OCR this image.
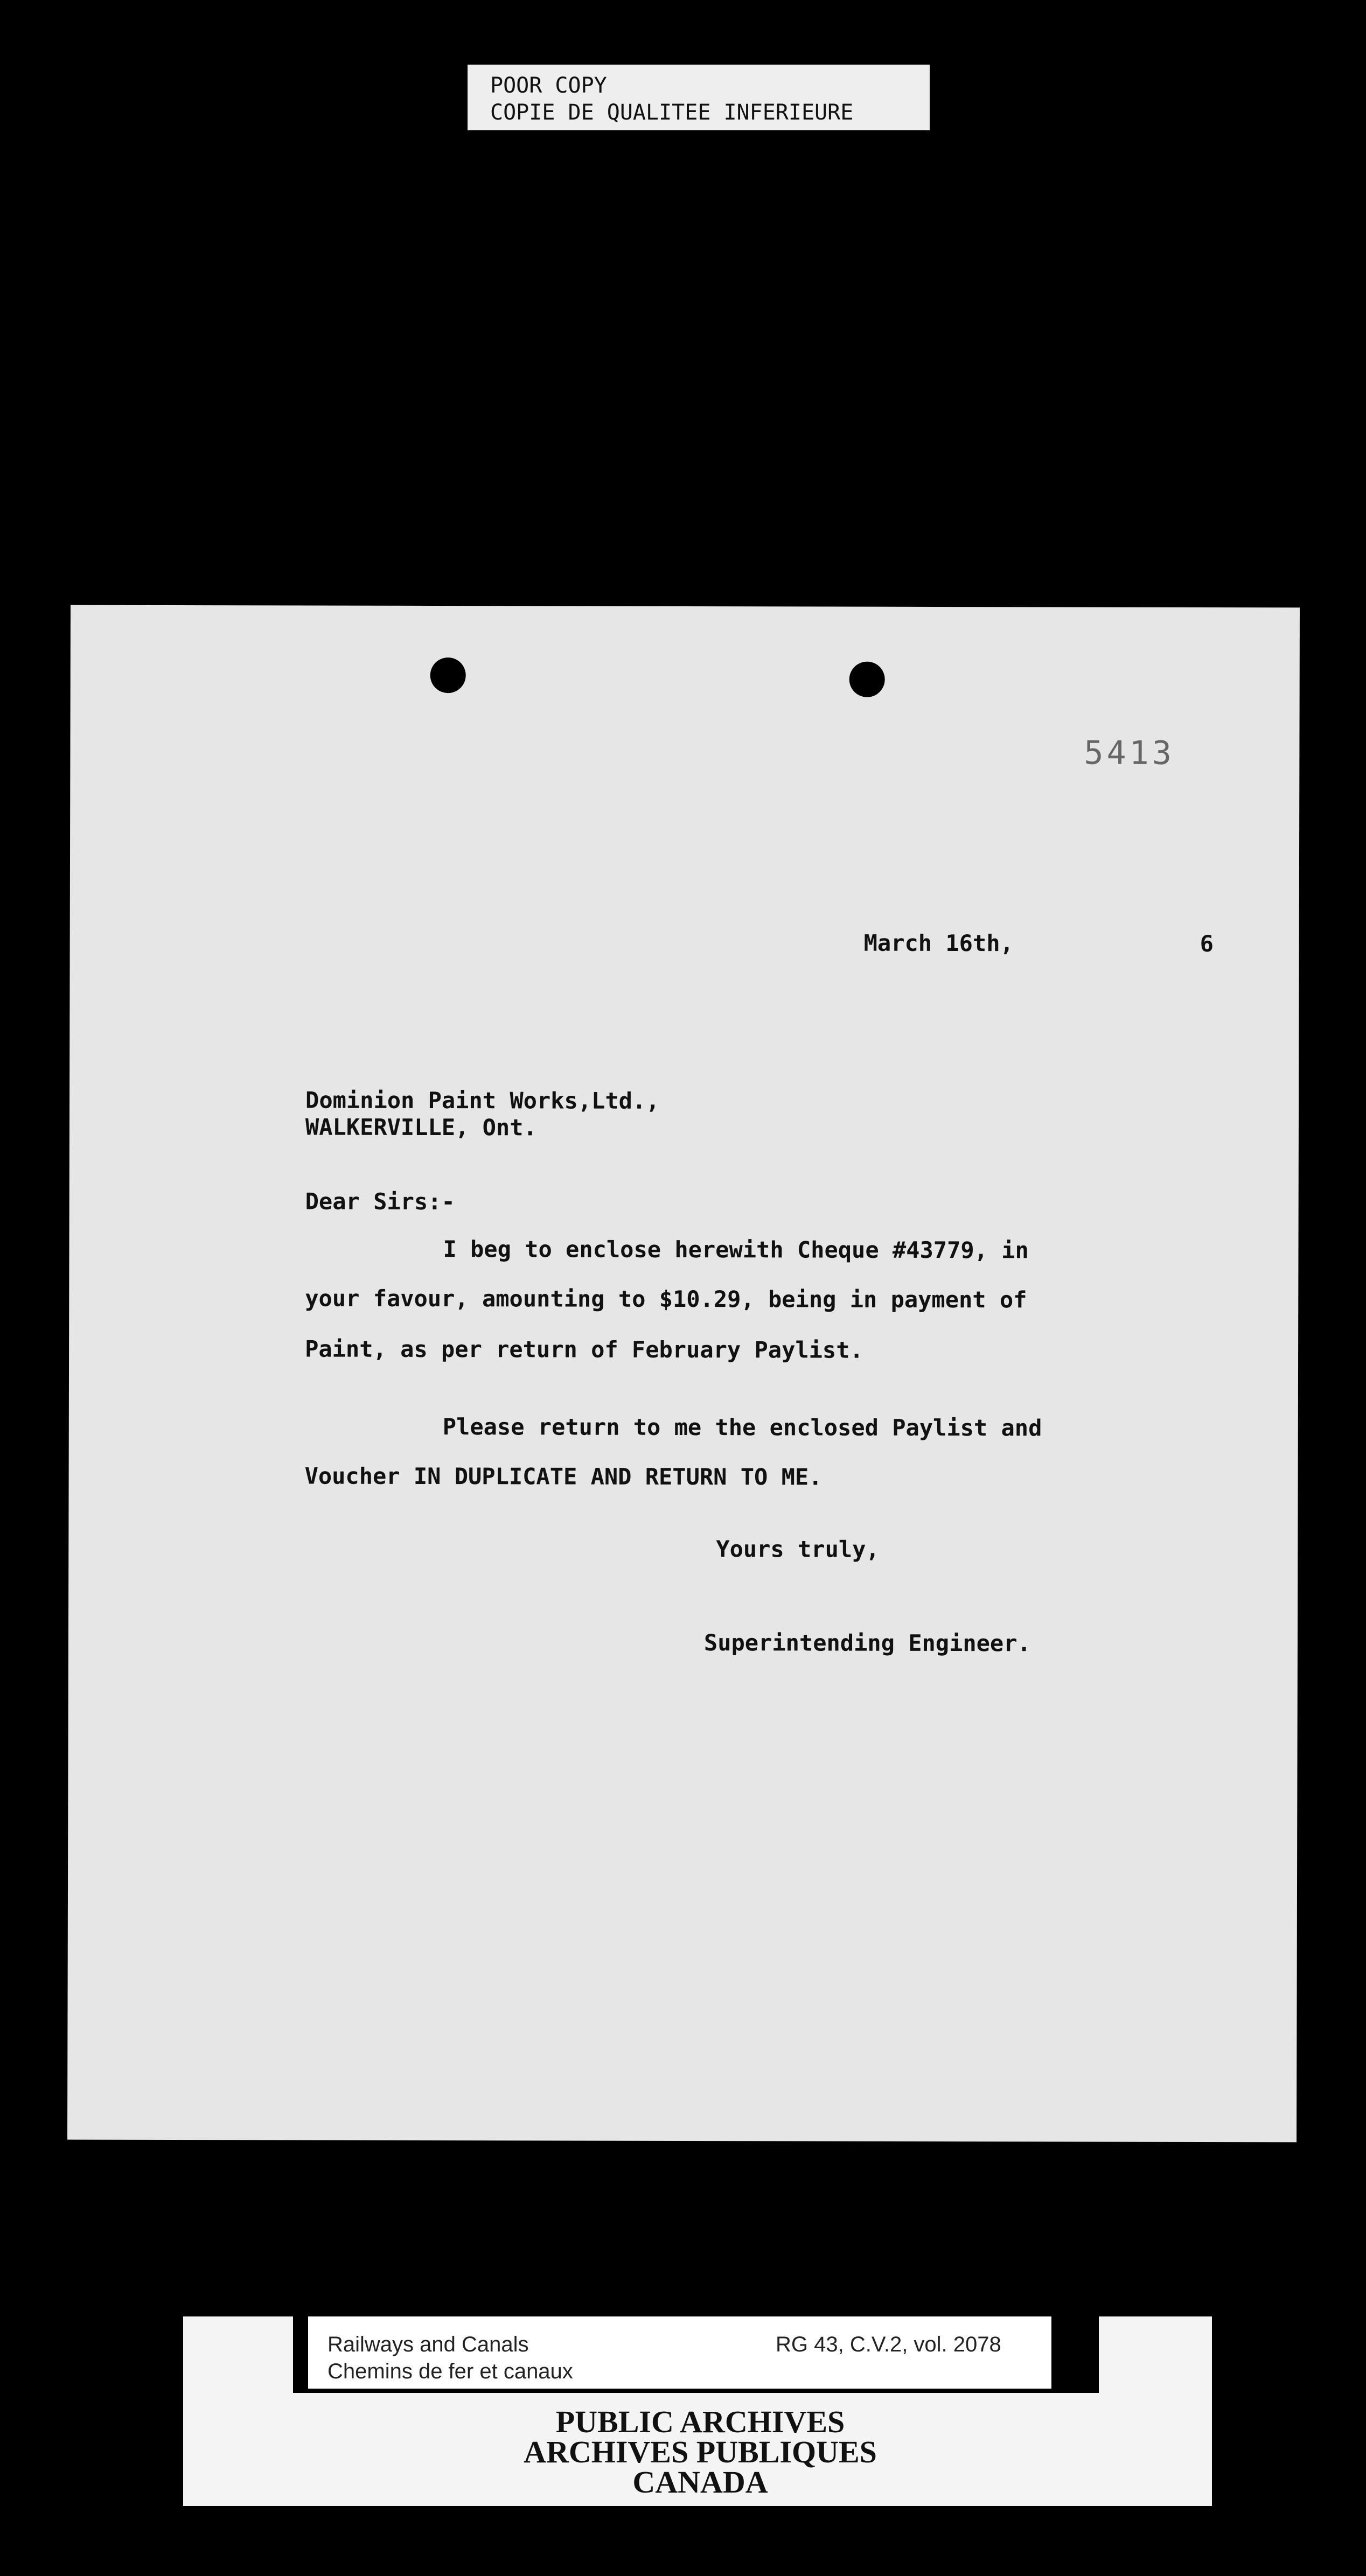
POOR COPY
COPIE DE QUALITEE INFERIEURE
5413
March 16th,	6
Dominion Paint Works,Ltd.,
WALKERVILLE, Ont.
Dear Sirs:-
I beg to enclose herewith Cheque #43779, in
your favour, amounting to $10.29, being in payment of
Paint, as per return of February Paylist.
Please return to me the enclosed Paylist and
Voucher IN DUPLICATE AND RETURN TO ME.
Yours truly,
Superintending Engineer.
Railways and Canals
Chemins de fer et canaux
RG 43, C.V.2, vol. 2078
PUBLIC ARCHIVES
ARCHIVES PUBLIQUES
CANADA
